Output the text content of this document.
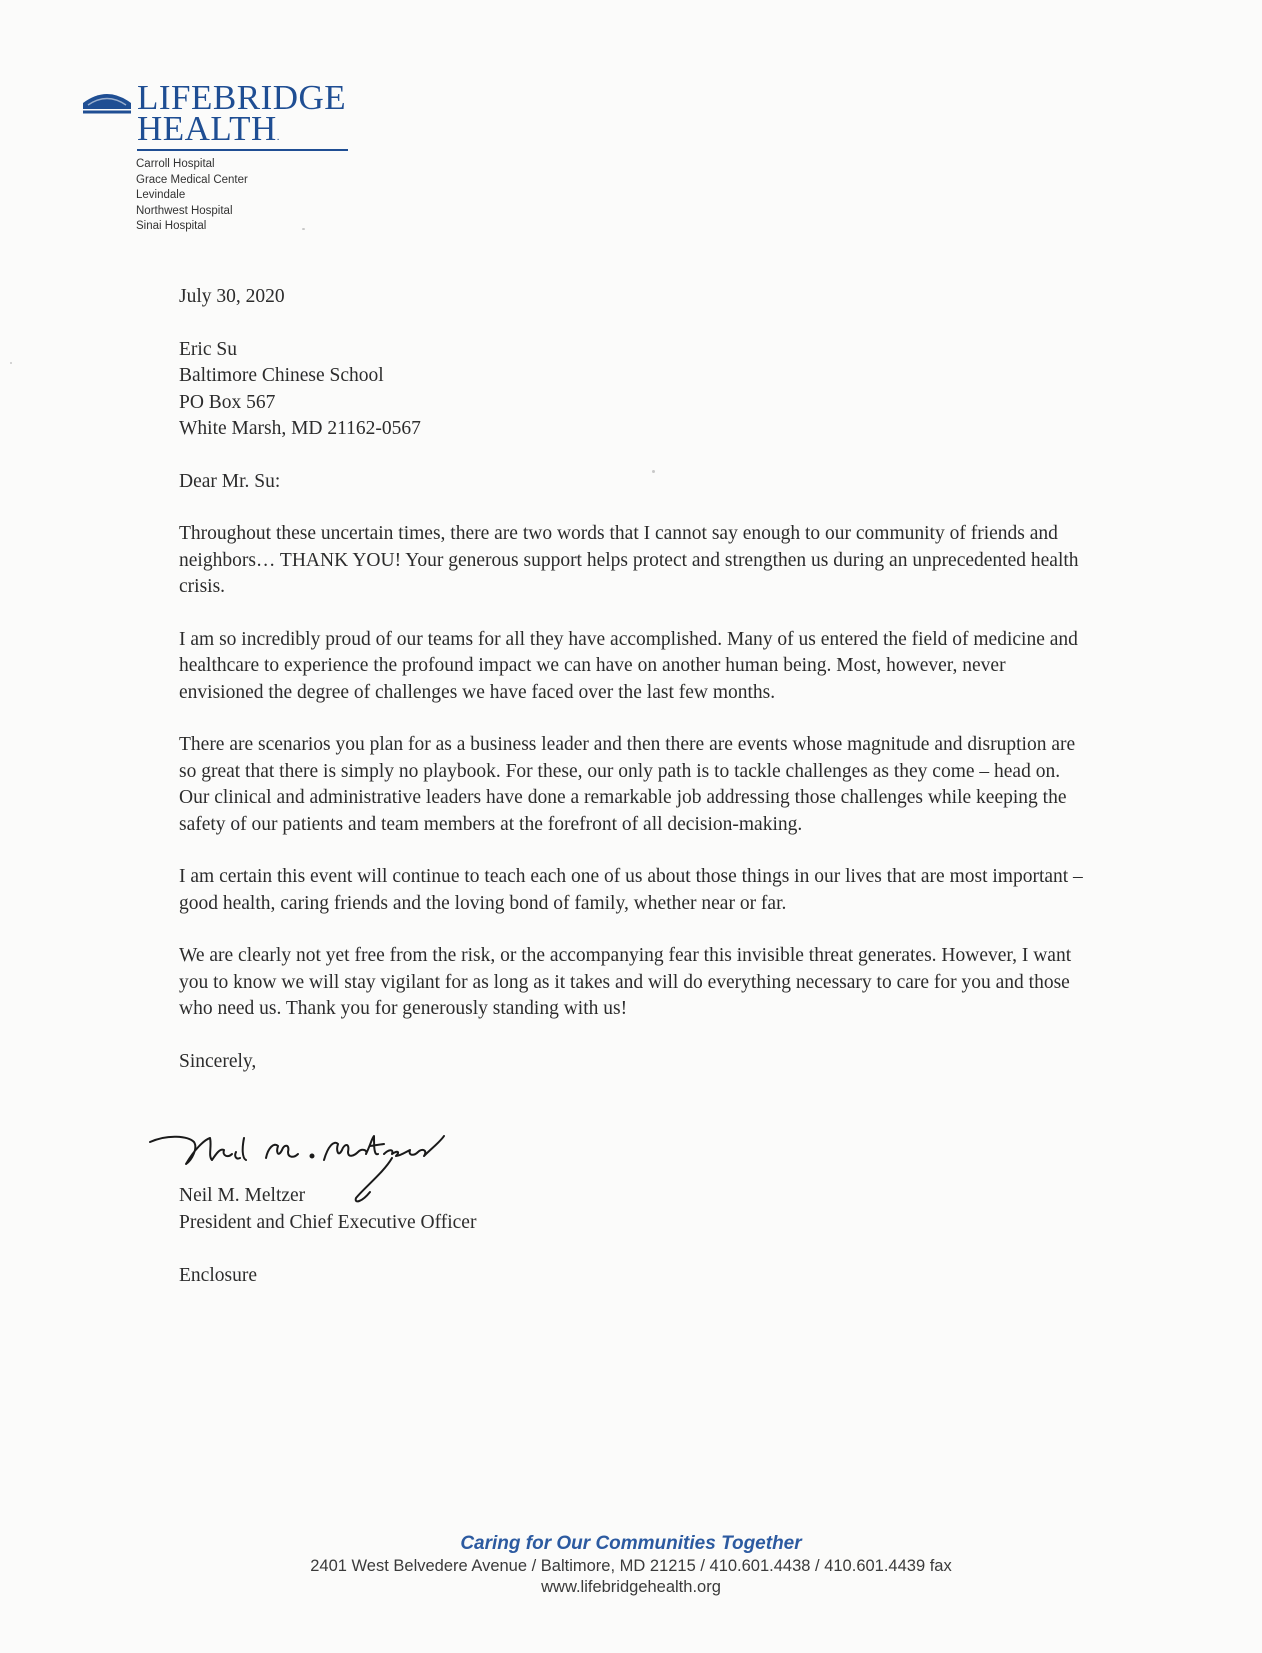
LIFEBRIDGE
HEALTH.
Carroll Hospital
Grace Medical Center
Levindale
Northwest Hospital
Sinai Hospital

July 30, 2020

Eric Su
Baltimore Chinese School
PO Box 567
White Marsh, MD 21162-0567

Dear Mr. Su:

Throughout these uncertain times, there are two words that I cannot say enough to our community of friends and neighbors… THANK YOU! Your generous support helps protect and strengthen us during an unprecedented health crisis.

I am so incredibly proud of our teams for all they have accomplished. Many of us entered the field of medicine and healthcare to experience the profound impact we can have on another human being. Most, however, never envisioned the degree of challenges we have faced over the last few months.

There are scenarios you plan for as a business leader and then there are events whose magnitude and disruption are so great that there is simply no playbook. For these, our only path is to tackle challenges as they come – head on. Our clinical and administrative leaders have done a remarkable job addressing those challenges while keeping the safety of our patients and team members at the forefront of all decision-making.

I am certain this event will continue to teach each one of us about those things in our lives that are most important – good health, caring friends and the loving bond of family, whether near or far.

We are clearly not yet free from the risk, or the accompanying fear this invisible threat generates. However, I want you to know we will stay vigilant for as long as it takes and will do everything necessary to care for you and those who need us. Thank you for generously standing with us!

Sincerely,

Neil M. Meltzer
President and Chief Executive Officer
Enclosure
Caring for Our Communities Together
2401 West Belvedere Avenue / Baltimore, MD 21215 / 410.601.4438 / 410.601.4439 fax
www.lifebridgehealth.org
